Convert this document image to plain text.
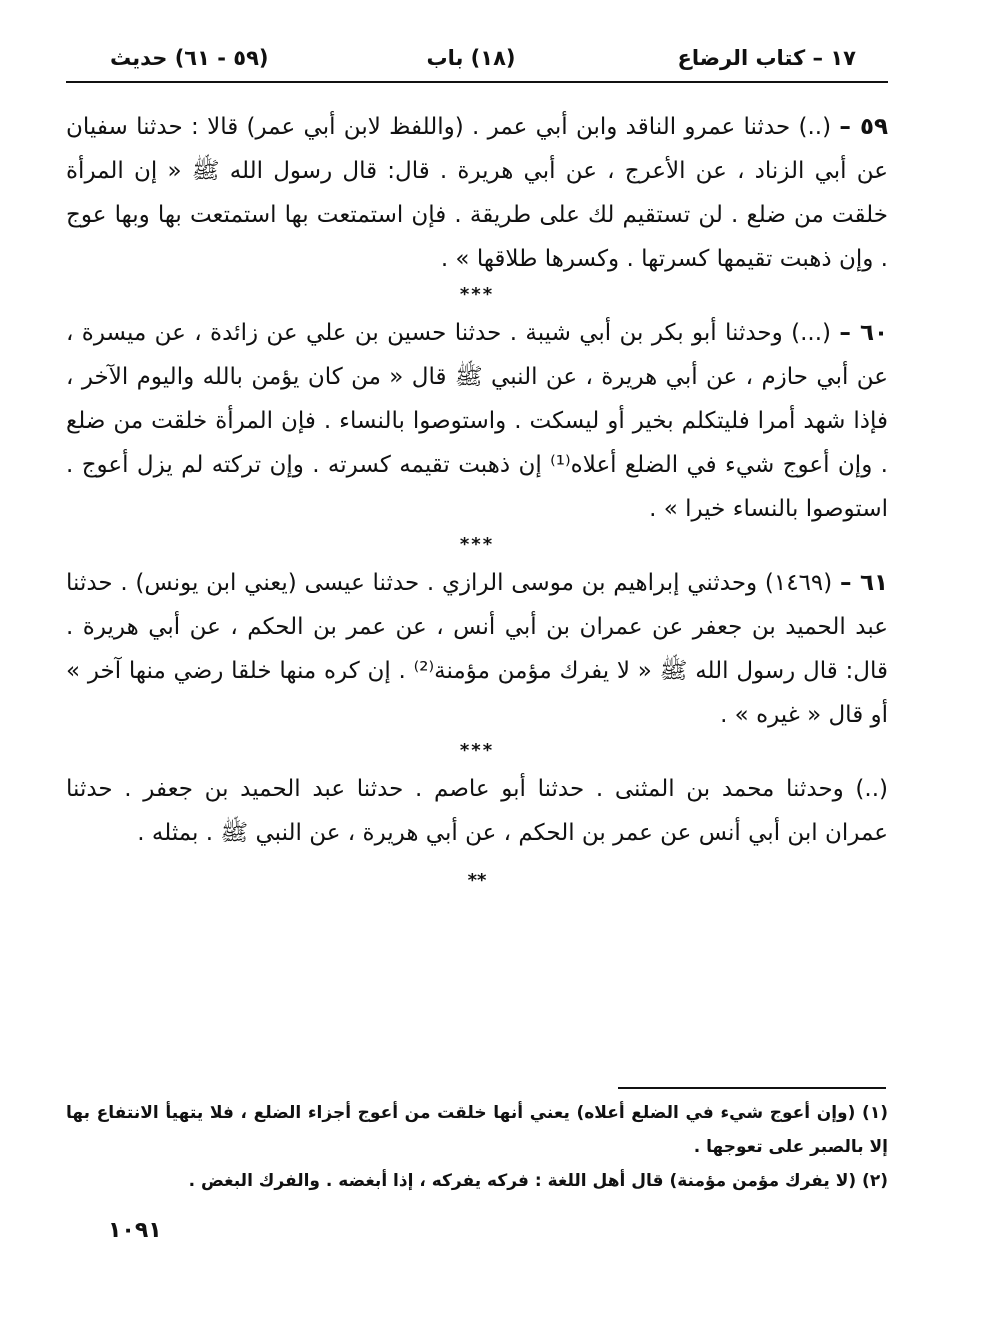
١٧ – كتاب الرضاع
(١٨) باب
(٥٩ - ٦١) حديث

٥٩ – (..) حدثنا عمرو الناقد وابن أبي عمر . (واللفظ لابن أبي عمر) قالا : حدثنا سفيان عن أبي الزناد ، عن الأعرج ، عن أبي هريرة . قال: قال رسول الله ﷺ « إن المرأة خلقت من ضلع . لن تستقيم لك على طريقة . فإن استمتعت بها استمتعت بها وبها عوج . وإن ذهبت تقيمها كسرتها . وكسرها طلاقها » .

***

٦٠ – (...) وحدثنا أبو بكر بن أبي شيبة . حدثنا حسين بن علي عن زائدة ، عن ميسرة ، عن أبي حازم ، عن أبي هريرة ، عن النبي ﷺ قال « من كان يؤمن بالله واليوم الآخر ، فإذا شهد أمرا فليتكلم بخير أو ليسكت . واستوصوا بالنساء . فإن المرأة خلقت من ضلع . وإن أعوج شيء في الضلع أعلاه⁽¹⁾ إن ذهبت تقيمه كسرته . وإن تركته لم يزل أعوج . استوصوا بالنساء خيرا » .

***

٦١ – (١٤٦٩) وحدثني إبراهيم بن موسى الرازي . حدثنا عيسى (يعني ابن يونس) . حدثنا عبد الحميد بن جعفر عن عمران بن أبي أنس ، عن عمر بن الحكم ، عن أبي هريرة . قال: قال رسول الله ﷺ « لا يفرك مؤمن مؤمنة⁽²⁾ . إن كره منها خلقا رضي منها آخر » أو قال « غيره » .

***

(..) وحدثنا محمد بن المثنى . حدثنا أبو عاصم . حدثنا عبد الحميد بن جعفر . حدثنا عمران ابن أبي أنس عن عمر بن الحكم ، عن أبي هريرة ، عن النبي ﷺ . بمثله .

**

(١) (وإن أعوج شيء في الضلع أعلاه) يعني أنها خلقت من أعوج أجزاء الضلع ، فلا يتهيأ الانتفاع بها إلا بالصبر على تعوجها .

(٢) (لا يفرك مؤمن مؤمنة) قال أهل اللغة : فركه يفركه ، إذا أبغضه . والفرك البغض .

١٠٩١
